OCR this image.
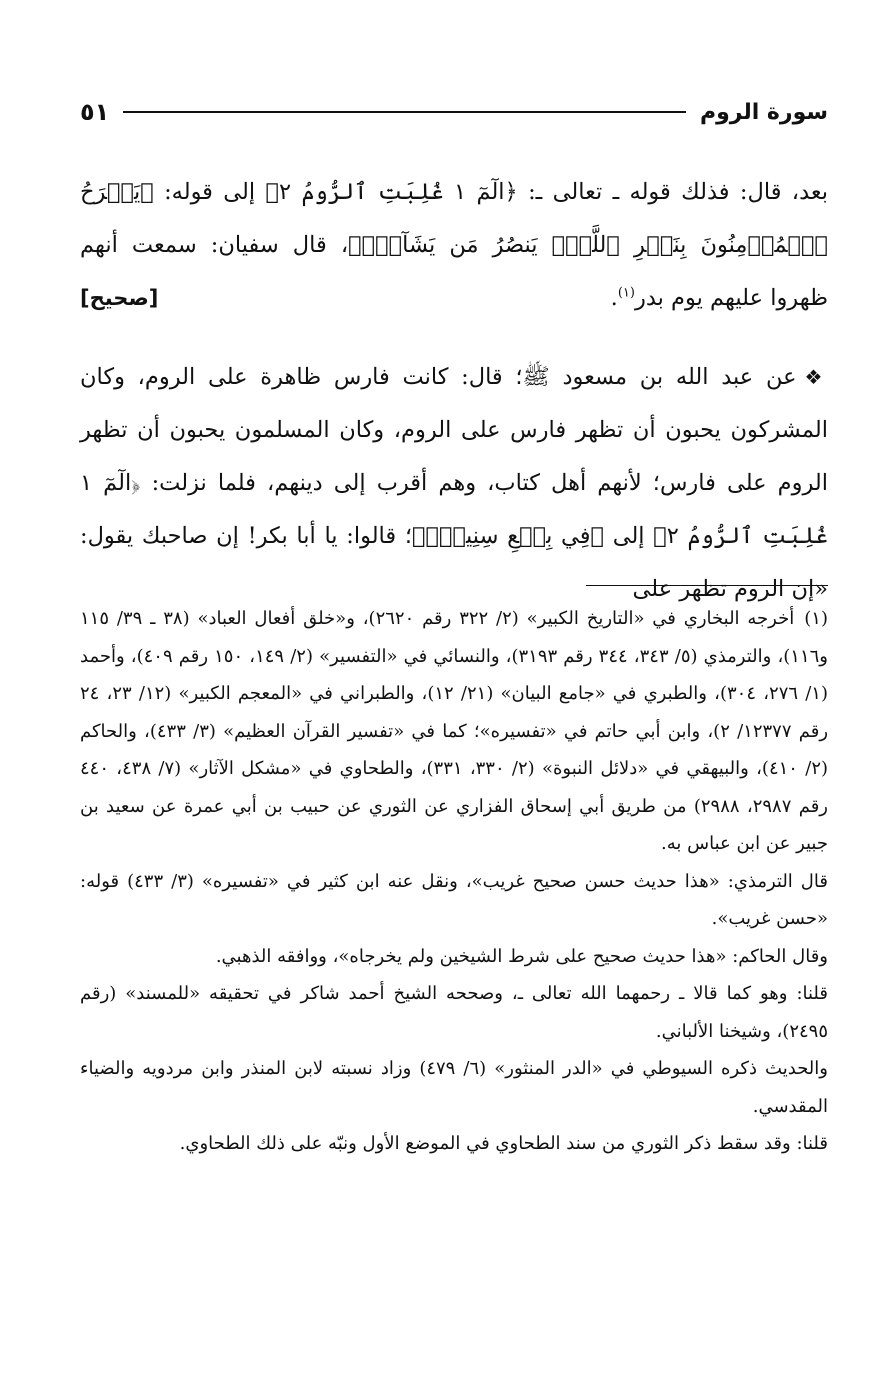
سورة الروم
٥١

بعد، قال: فذلك قوله ـ تعالى ـ: ﴿الٓمٓ ١ غُلِبَتِ ٱلرُّومُ ٢﴾ إلى قوله: ﴿يَفۡرَحُ ٱلۡمُؤۡمِنُونَ بِنَصۡرِ ٱللَّهِۚ يَنصُرُ مَن يَشَآءُۖ﴾، قال سفيان: سمعت أنهم ظهروا عليهم يوم بدر$^{(١)}$.

[صحيح]

❖عن عبد الله بن مسعود ﷺ؛ قال: كانت فارس ظاهرة على الروم، وكان المشركون يحبون أن تظهر فارس على الروم، وكان المسلمون يحبون أن تظهر الروم على فارس؛ لأنهم أهل كتاب، وهم أقرب إلى دينهم، فلما نزلت: ﴿الٓمٓ ١ غُلِبَتِ ٱلرُّومُ ٢﴾ إلى ﴿فِي بِضۡعِ سِنِينَۗ﴾؛ قالوا: يا أبا بكر! إن صاحبك يقول: «إن الروم تظهر على

(١)أخرجه البخاري في «التاريخ الكبير» (٢/ ٣٢٢ رقم ٢٦٢٠)، و«خلق أفعال العباد» (٣٨ ـ ٣٩/ ١١٥ و١١٦)، والترمذي (٥/ ٣٤٣، ٣٤٤ رقم ٣١٩٣)، والنسائي في «التفسير» (٢/ ١٤٩، ١٥٠ رقم ٤٠٩)، وأحمد (١/ ٢٧٦، ٣٠٤)، والطبري في «جامع البيان» (٢١/ ١٢)، والطبراني في «المعجم الكبير» (١٢/ ٢٣، ٢٤ رقم ١٢٣٧٧/ ٢)، وابن أبي حاتم في «تفسيره»؛ كما في «تفسير القرآن العظيم» (٣/ ٤٣٣)، والحاكم (٢/ ٤١٠)، والبيهقي في «دلائل النبوة» (٢/ ٣٣٠، ٣٣١)، والطحاوي في «مشكل الآثار» (٧/ ٤٣٨، ٤٤٠ رقم ٢٩٨٧، ٢٩٨٨) من طريق أبي إسحاق الفزاري عن الثوري عن حبيب بن أبي عمرة عن سعيد بن جبير عن ابن عباس به.

قال الترمذي: «هذا حديث حسن صحيح غريب»، ونقل عنه ابن كثير في «تفسيره» (٣/ ٤٣٣) قوله: «حسن غريب».

وقال الحاكم: «هذا حديث صحيح على شرط الشيخين ولم يخرجاه»، ووافقه الذهبي.

قلنا: وهو كما قالا ـ رحمهما الله تعالى ـ، وصححه الشيخ أحمد شاكر في تحقيقه «للمسند» (رقم ٢٤٩٥)، وشيخنا الألباني.

والحديث ذكره السيوطي في «الدر المنثور» (٦/ ٤٧٩) وزاد نسبته لابن المنذر وابن مردويه والضياء المقدسي.

قلنا: وقد سقط ذكر الثوري من سند الطحاوي في الموضع الأول ونبّه على ذلك الطحاوي.
